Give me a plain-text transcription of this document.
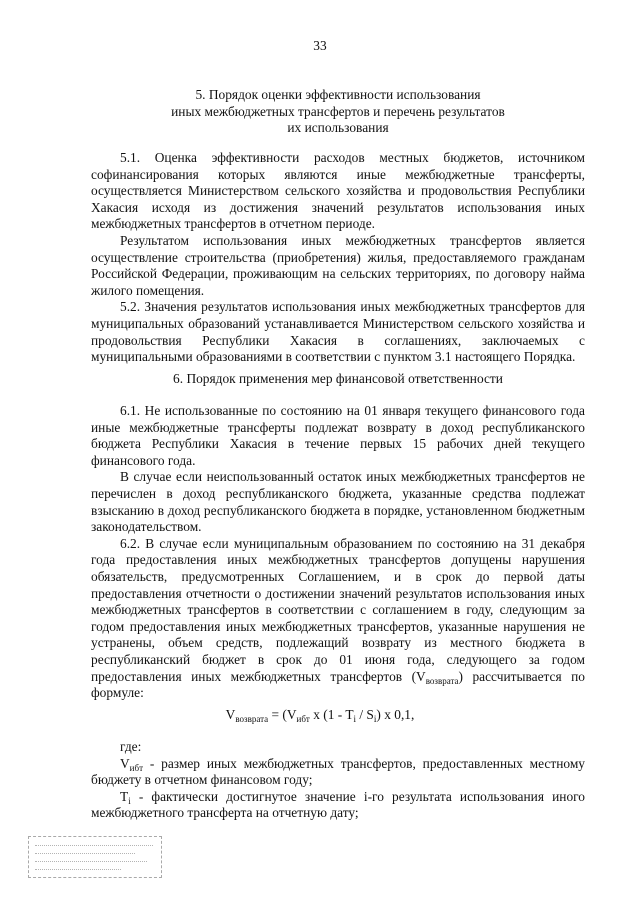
33

5. Порядок оценки эффективности использования

иных межбюджетных трансфертов и перечень результатов

их использования

5.1. Оценка эффективности расходов местных бюджетов, источником софинансирования которых являются иные межбюджетные трансферты, осуществляется Министерством сельского хозяйства и продовольствия Республики Хакасия исходя из достижения значений результатов использования иных межбюджетных трансфертов в отчетном периоде.

Результатом использования иных межбюджетных трансфертов является осуществление строительства (приобретения) жилья, предоставляемого гражданам Российской Федерации, проживающим на сельских территориях, по договору найма жилого помещения.

5.2. Значения результатов использования иных межбюджетных трансфертов для муниципальных образований устанавливается Министерством сельского хозяйства и продовольствия Республики Хакасия в соглашениях, заключаемых с муниципальными образованиями в соответствии с пунктом 3.1 настоящего Порядка.

6. Порядок применения мер финансовой ответственности

6.1. Не использованные по состоянию на 01 января текущего финансового года иные межбюджетные трансферты подлежат возврату в доход республиканского бюджета Республики Хакасия в течение первых 15 рабочих дней текущего финансового года.

В случае если неиспользованный остаток иных межбюджетных трансфертов не перечислен в доход республиканского бюджета, указанные средства подлежат взысканию в доход республиканского бюджета в порядке, установленном бюджетным законодательством.

6.2. В случае если муниципальным образованием по состоянию на 31 декабря года предоставления иных межбюджетных трансфертов допущены нарушения обязательств, предусмотренных Соглашением, и в срок до первой даты предоставления отчетности о достижении значений результатов использования иных межбюджетных трансфертов в соответствии с соглашением в году, следующим за годом предоставления иных межбюджетных трансфертов, указанные нарушения не устранены, объем средств, подлежащий возврату из местного бюджета в республиканский бюджет в срок до 01 июня года, следующего за годом предоставления иных межбюджетных трансфертов $(V_{возврата})$ рассчитывается по формуле:

$V_{возврата} = (V_{ибт}$ x $(1 - T_i / S_i)$ x 0,1,

где:

$V_{ибт}$ - размер иных межбюджетных трансфертов, предоставленных местному бюджету в отчетном финансовом году;

$T_i$ - фактически достигнутое значение i-го результата использования иного межбюджетного трансферта на отчетную дату;
